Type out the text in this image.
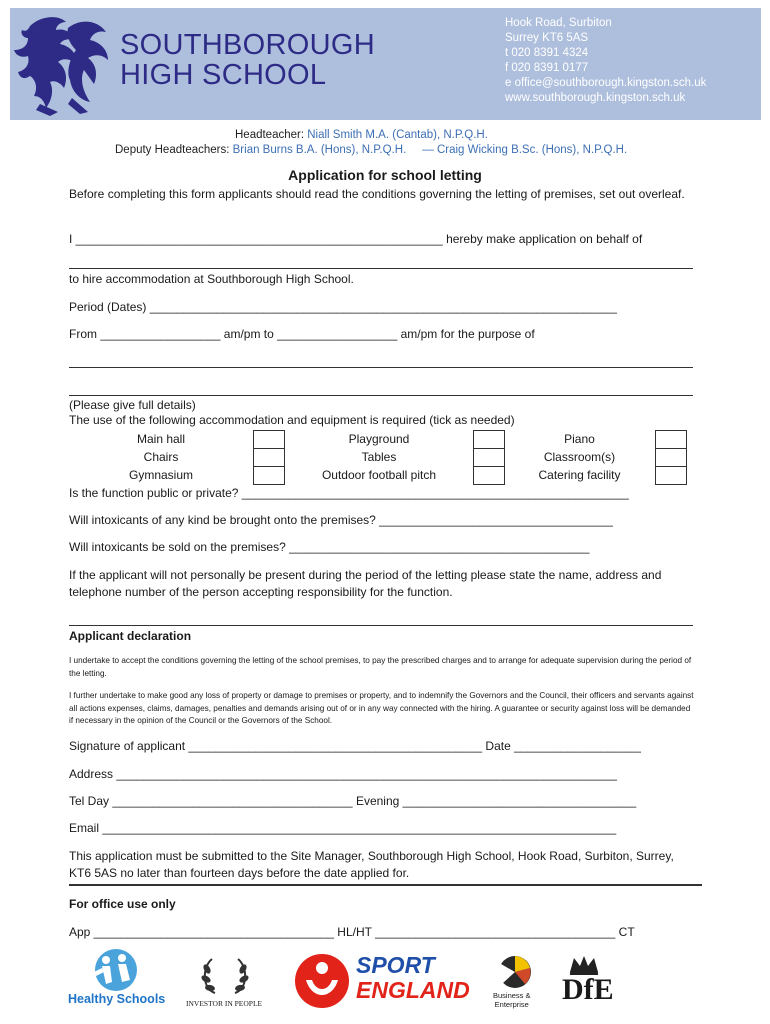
SOUTHBOROUGH
HIGH SCHOOL
Hook Road, Surbiton
Surrey KT6 5AS
t 020 8391 4324
f 020 8391 0177
e office@southborough.kingston.sch.uk
www.southborough.kingston.sch.uk
Headteacher: Niall Smith M.A. (Cantab), N.P.Q.H.
Deputy Headteachers: Brian Burns B.A. (Hons), N.P.Q.H. — Craig Wicking B.Sc. (Hons), N.P.Q.H.
Application for school letting
Before completing this form applicants should read the conditions governing the letting of premises, set out overleaf.
I _______________________________________________________ hereby make application on behalf of
to hire accommodation at Southborough High School.
Period (Dates) ______________________________________________________________________
From __________________ am/pm to __________________ am/pm for the purpose of
(Please give full details)
The use of the following accommodation and equipment is required (tick as needed)
Main hall
Chairs
Gymnasium
Playground
Tables
Outdoor football pitch
Piano
Classroom(s)
Catering facility
Is the function public or private? __________________________________________________________
Will intoxicants of any kind be brought onto the premises? ___________________________________
Will intoxicants be sold on the premises? _____________________________________________
If the applicant will not personally be present during the period of the letting please state the name, address and telephone number of the person accepting responsibility for the function.
Applicant declaration
I undertake to accept the conditions governing the letting of the school premises, to pay the prescribed charges and to arrange for adequate supervision during the period of the letting.
I further undertake to make good any loss of property or damage to premises or property, and to indemnify the Governors and the Council, their officers and servants against all actions expenses, claims, damages, penalties and demands arising out of or in any way connected with the hiring. A guarantee or security against loss will be demanded if necessary in the opinion of the Council or the Governors of the School.
Signature of applicant ____________________________________________ Date ___________________
Address ___________________________________________________________________________
Tel Day ____________________________________ Evening ___________________________________
Email _____________________________________________________________________________
This application must be submitted to the Site Manager, Southborough High School, Hook Road, Surbiton, Surrey, KT6 5AS no later than fourteen days before the date applied for.
For office use only
App ____________________________________ HL/HT ____________________________________ CT
Healthy Schools	INVESTOR IN PEOPLE
SPORT
ENGLAND	Business &
Enterprise DfE
